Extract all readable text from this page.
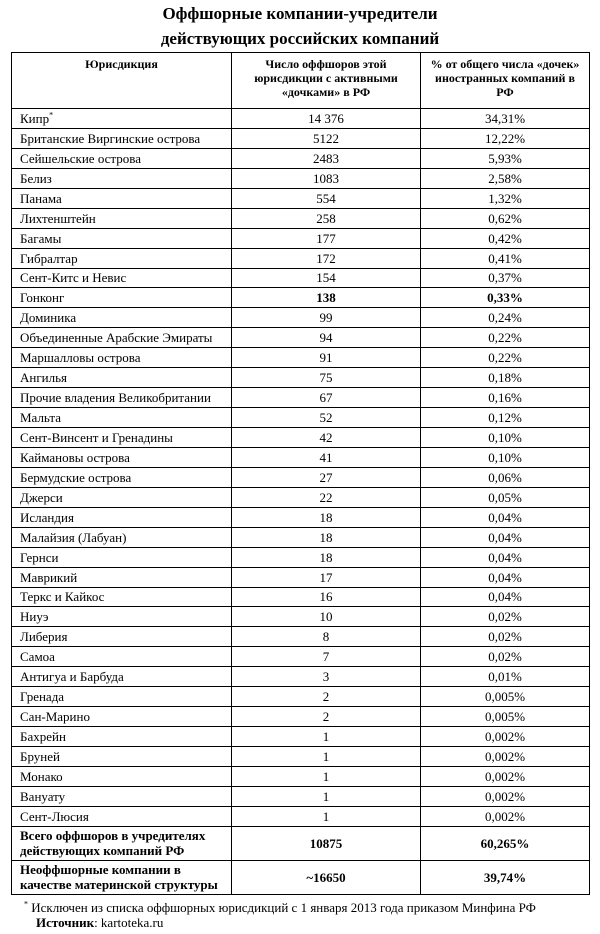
Оффшорные компании-учредители
действующих российских компаний
Юрисдикция	Число оффшоров этой юрисдикции с активными «дочками» в РФ	% от общего числа «дочек» иностранных компаний в РФ
Кипр*	14 376	34,31%
Британские Виргинские острова	5122	12,22%
Сейшельские острова	2483	5,93%
Белиз	1083	2,58%
Панама	554	1,32%
Лихтенштейн	258	0,62%
Багамы	177	0,42%
Гибралтар	172	0,41%
Сент-Китс и Невис	154	0,37%
Гонконг	138	0,33%
Доминика	99	0,24%
Объединенные Арабские Эмираты	94	0,22%
Маршалловы острова	91	0,22%
Ангилья	75	0,18%
Прочие владения Великобритании	67	0,16%
Мальта	52	0,12%
Сент-Винсент и Гренадины	42	0,10%
Каймановы острова	41	0,10%
Бермудские острова	27	0,06%
Джерси	22	0,05%
Исландия	18	0,04%
Малайзия (Лабуан)	18	0,04%
Гернси	18	0,04%
Маврикий	17	0,04%
Теркс и Кайкос	16	0,04%
Ниуэ	10	0,02%
Либерия	8	0,02%
Самоа	7	0,02%
Антигуа и Барбуда	3	0,01%
Гренада	2	0,005%
Сан-Марино	2	0,005%
Бахрейн	1	0,002%
Бруней	1	0,002%
Монако	1	0,002%
Вануату	1	0,002%
Сент-Люсия	1	0,002%
Всего оффшоров в учредителях действующих компаний РФ	10875	60,265%
Неоффшорные компании в качестве материнской структуры	~16650	39,74%
* Исключен из списка оффшорных юрисдикций с 1 января 2013 года приказом Минфина РФ
Источник: kartoteka.ru
